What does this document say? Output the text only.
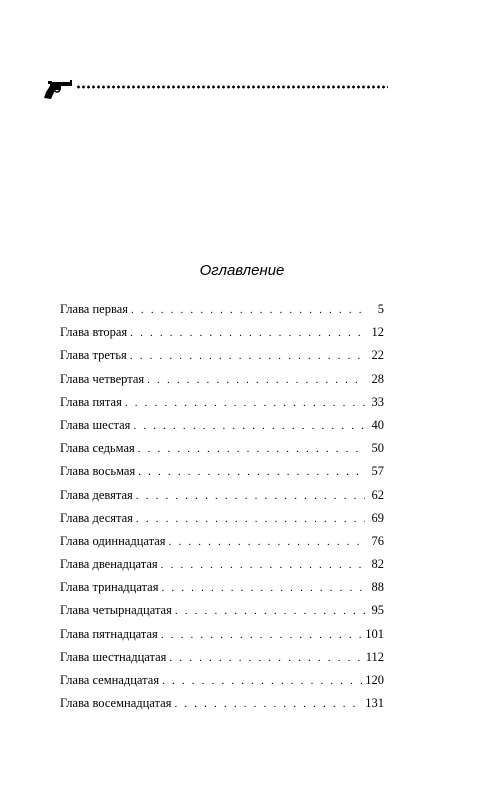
Оглавление
Глава первая . . .	5
Глава вторая . . .	12
Глава третья . . .	22
Глава четвертая . . .	28
Глава пятая . . .	33
Глава шестая . . .	40
Глава седьмая . . .	50
Глава восьмая . . .	57
Глава девятая . . .	62
Глава десятая . . .	69
Глава одиннадцатая . . .	76
Глава двенадцатая . . .	82
Глава тринадцатая . . .	88
Глава четырнадцатая . . .	95
Глава пятнадцатая . . .	101
Глава шестнадцатая . . .	112
Глава семнадцатая . . .	120
Глава восемнадцатая . . .	131
